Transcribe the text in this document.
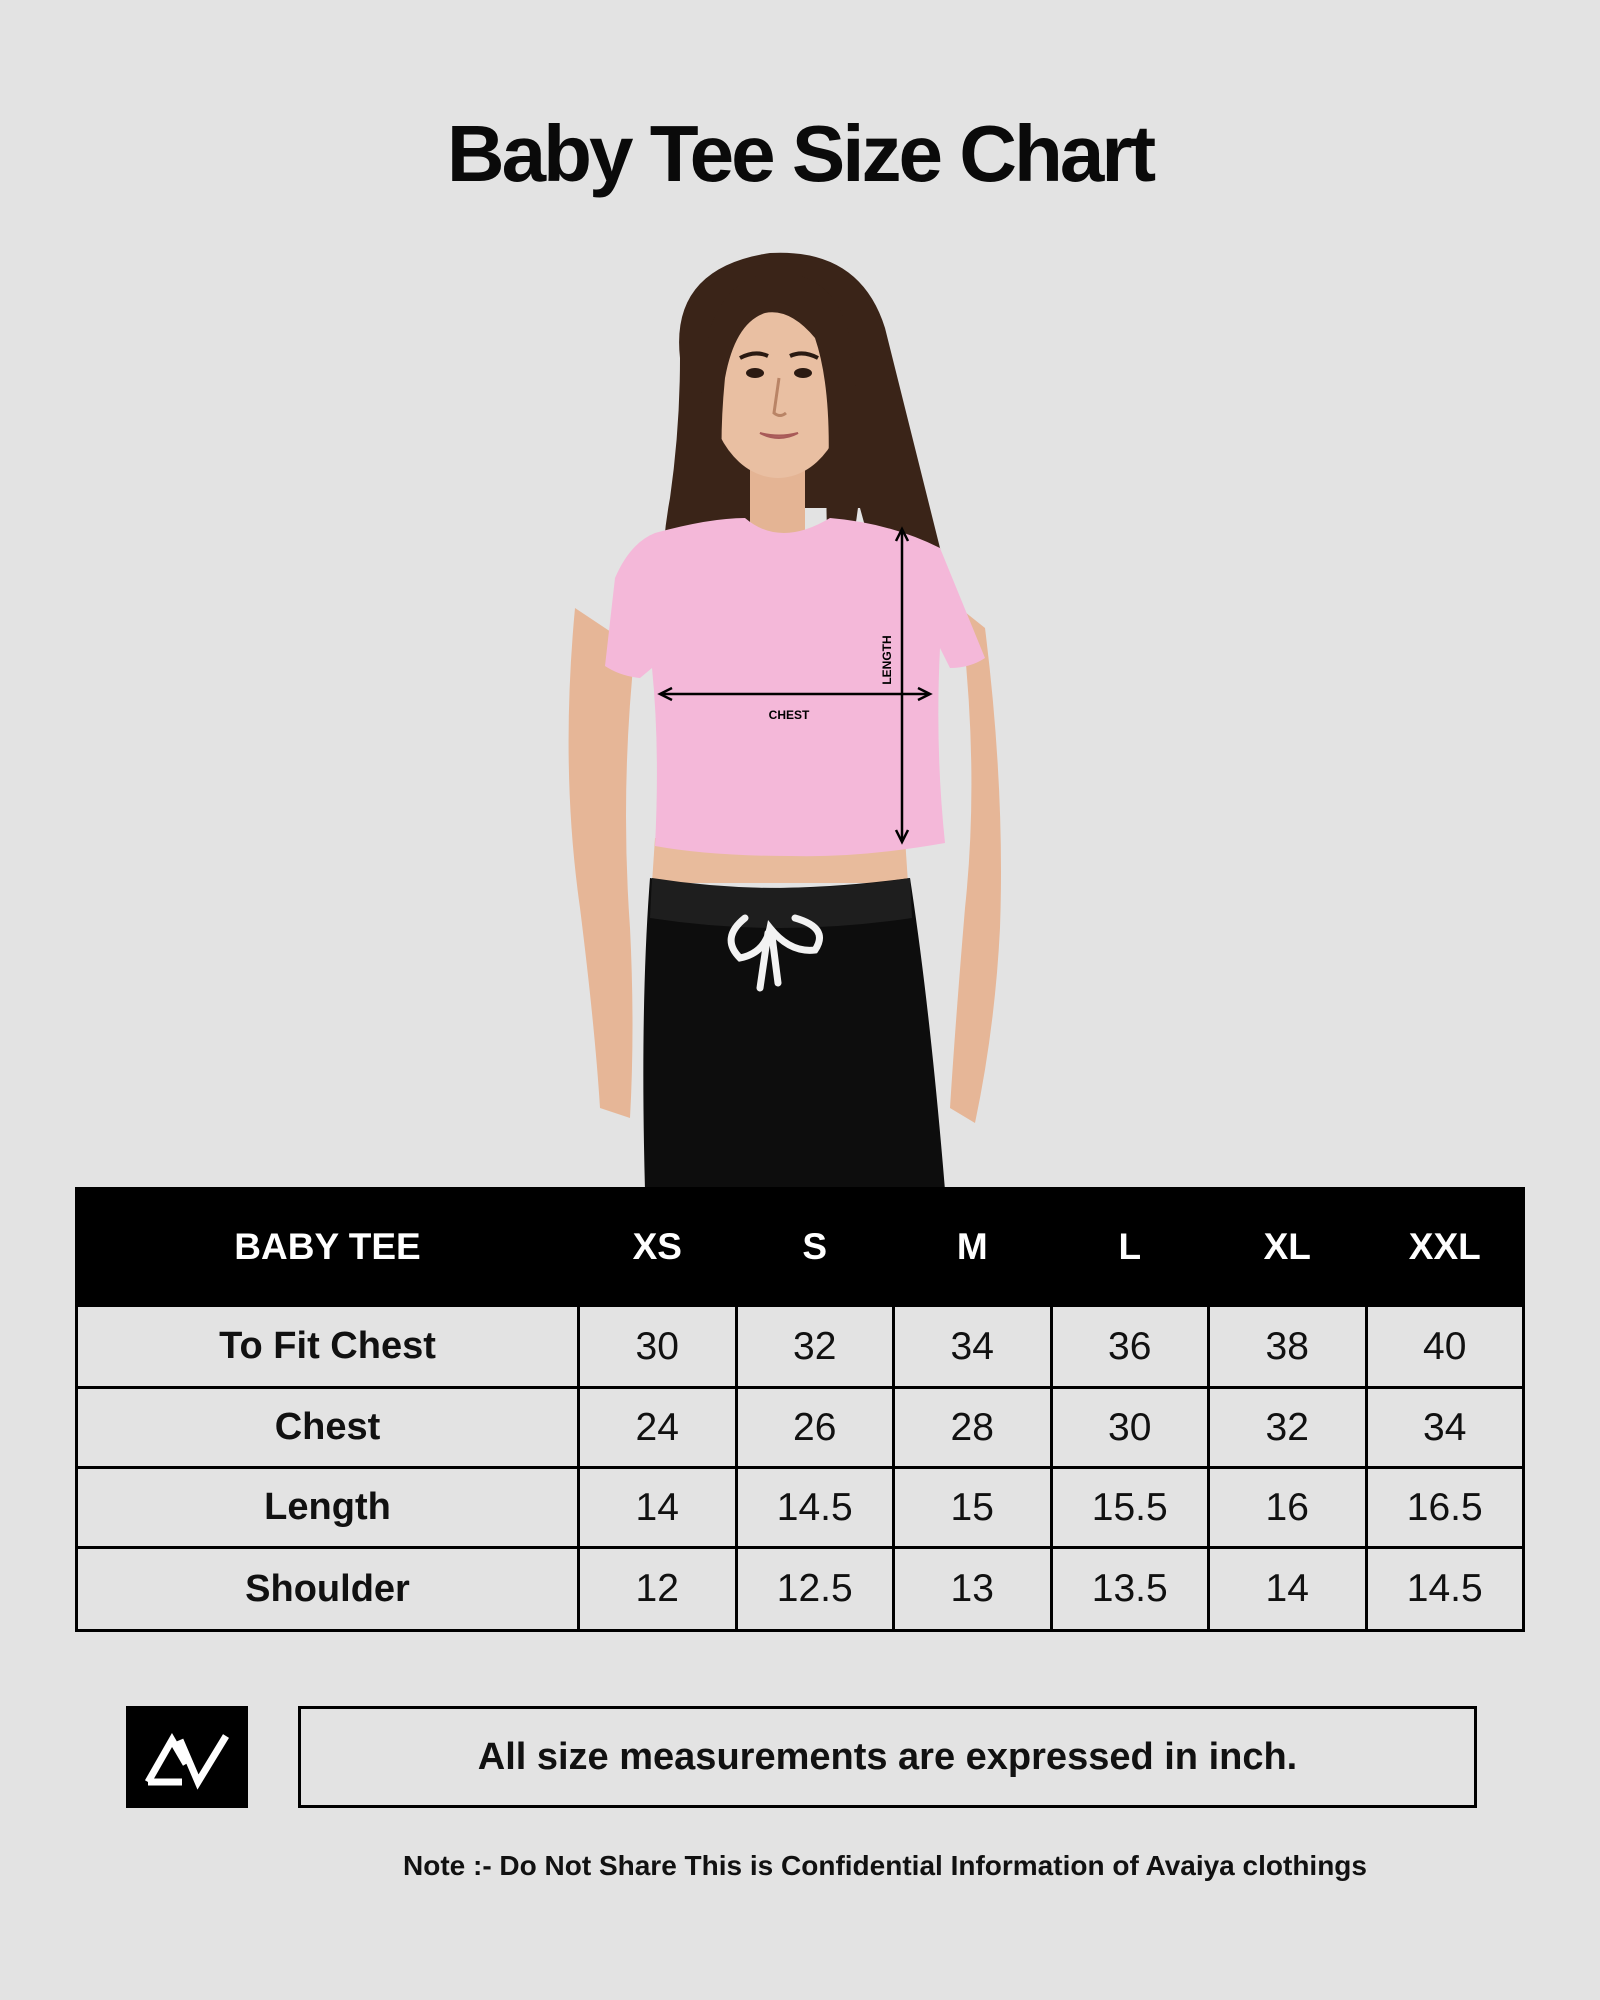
Baby Tee Size Chart
LENGTH
CHEST
BABY TEE	XS	S	M	L	XL	XXL
To Fit Chest	30	32	34	36	38	40
Chest	24	26	28	30	32	34
Length	14	14.5	15	15.5	16	16.5
Shoulder	12	12.5	13	13.5	14	14.5
All size measurements are expressed in inch.
Note :- Do Not Share This is Confidential Information of Avaiya clothings
